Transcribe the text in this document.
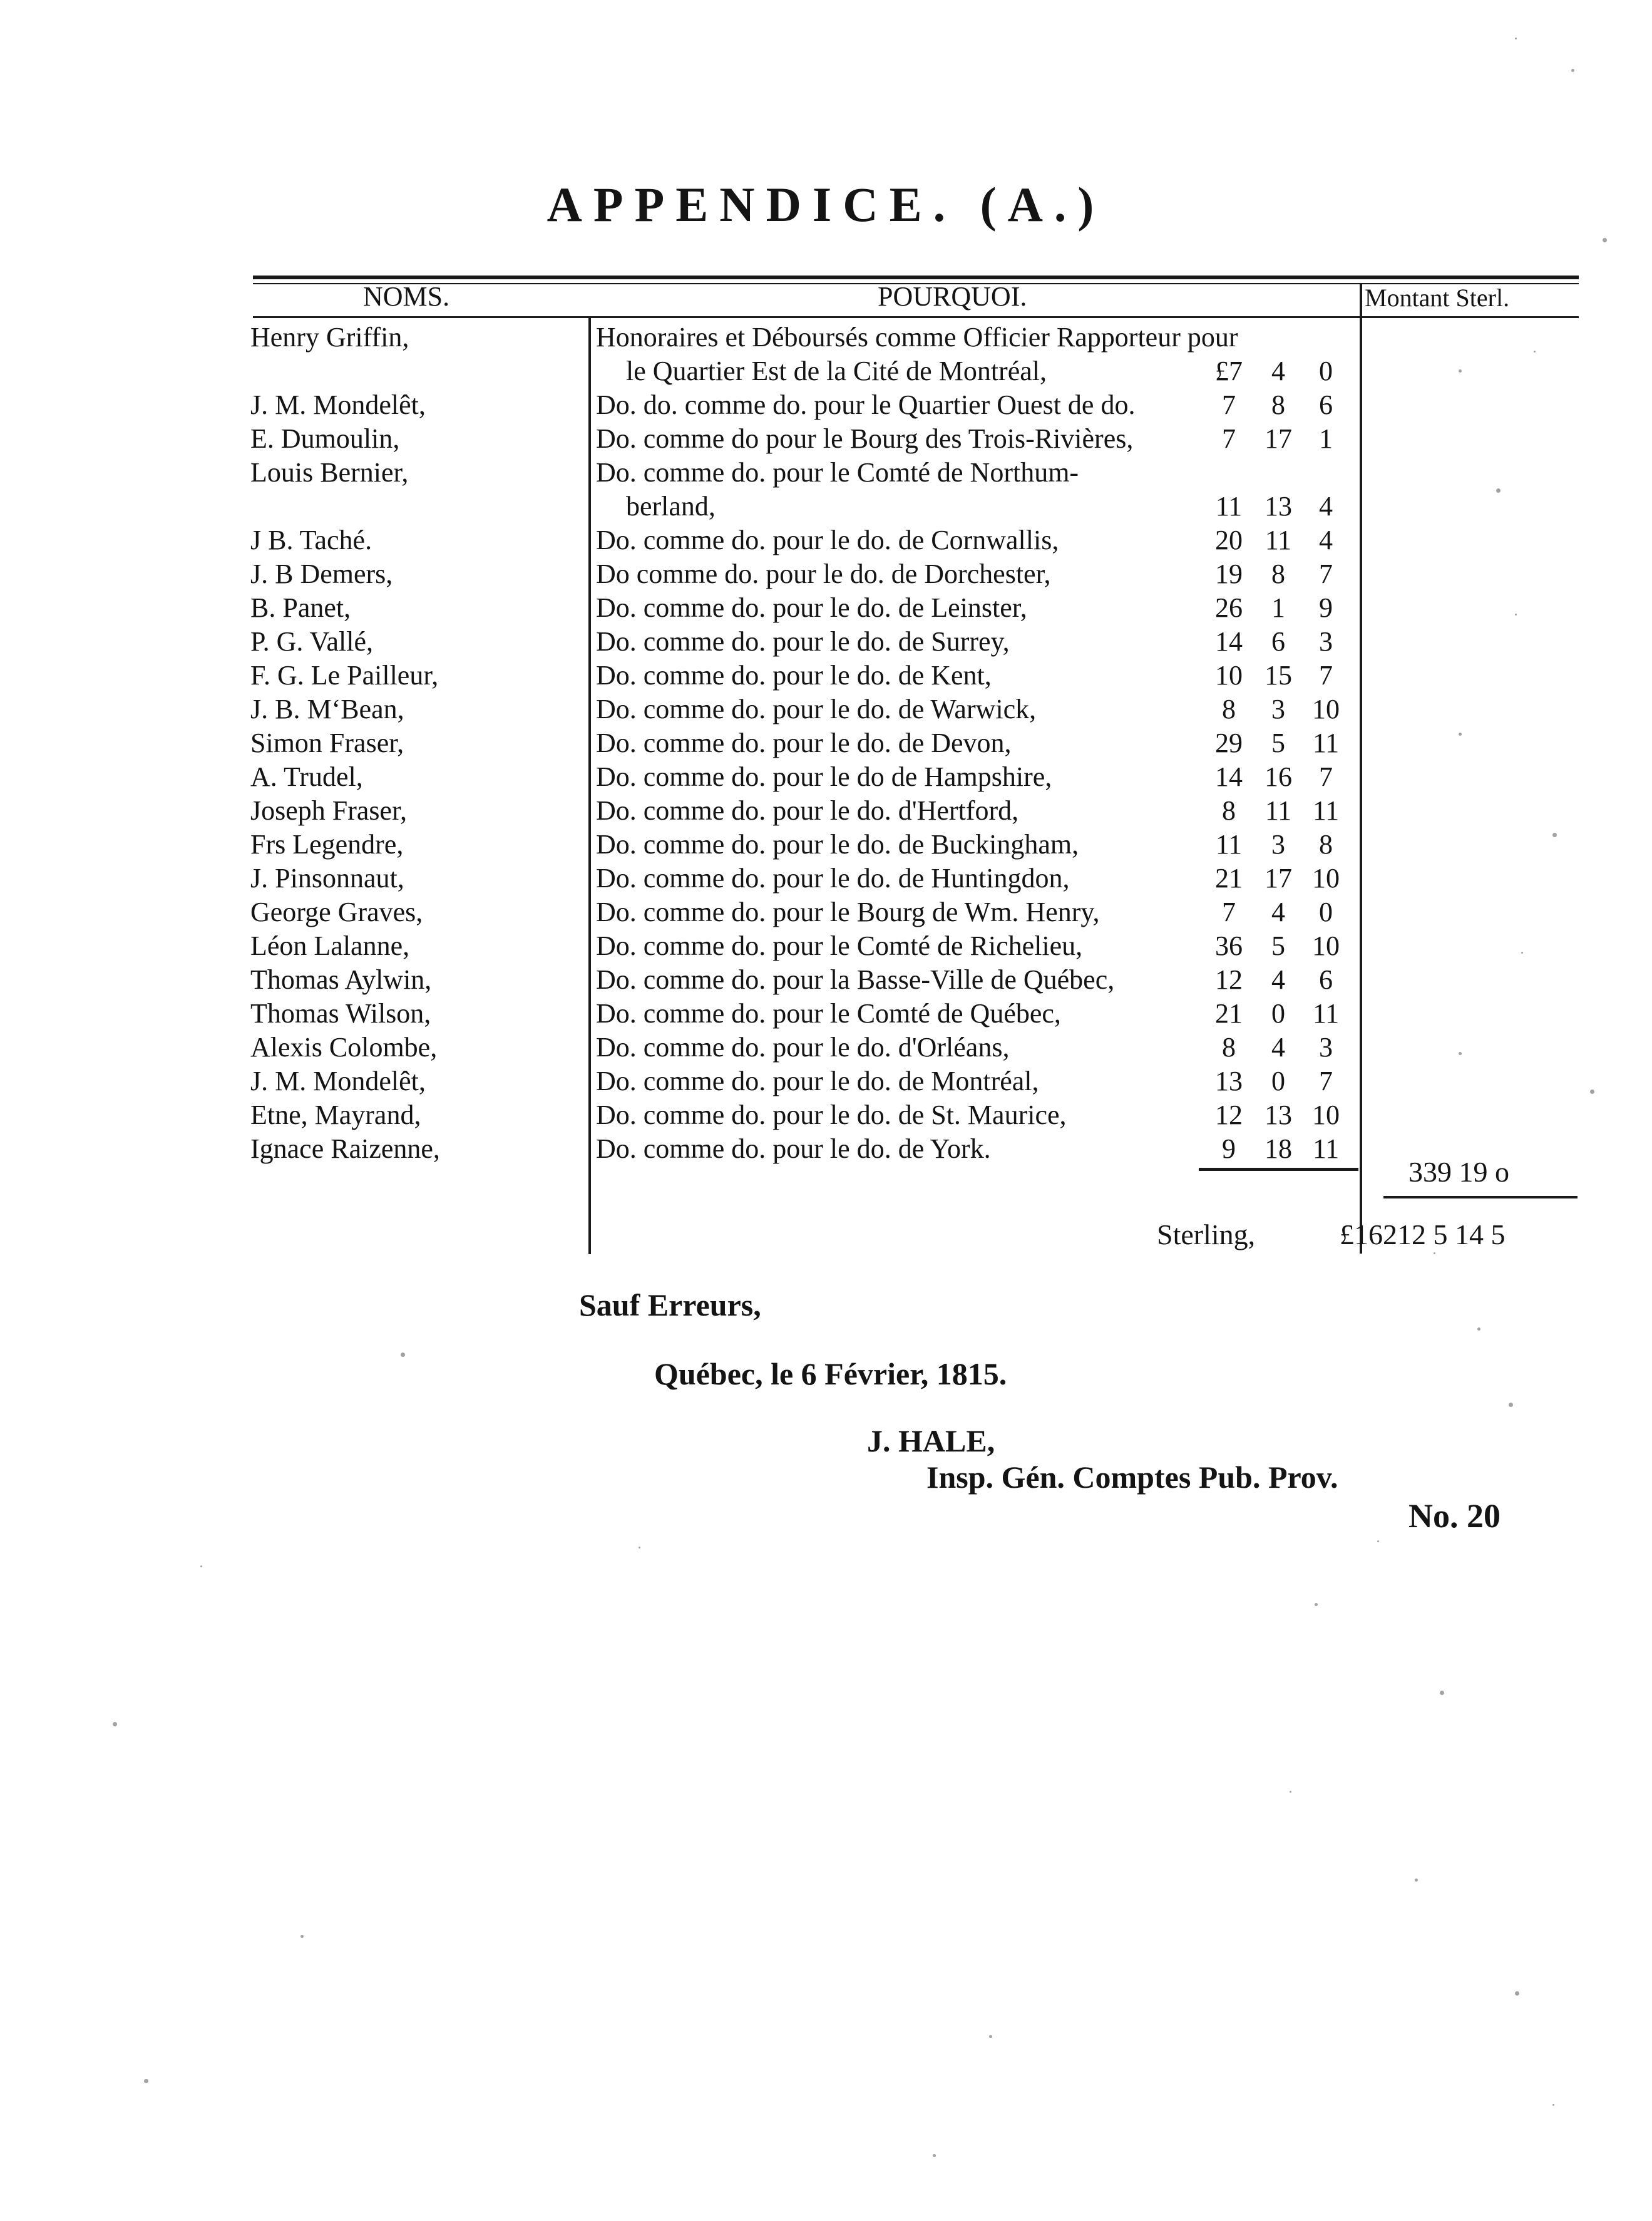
APPENDICE. (A.)
NOMS.	POURQUOI.	Montant Sterl.
Henry Griffin,	Honoraires et Déboursés comme Officier Rapporteur pour
le Quartier Est de la Cité de Montréal,	£7	4	0
J. M. Mondelêt,	Do. do. comme do. pour le Quartier Ouest de do.	7	8	6
E. Dumoulin,	Do. comme do pour le Bourg des Trois-Rivières,	7	17 1
Louis Bernier,	Do. comme do. pour le Comté de Northum-
berland,	11 13 4
J B. Taché.	Do. comme do. pour le do. de Cornwallis,	20 11 4
J. B Demers,	Do comme do. pour le do. de Dorchester,	19	8	7
B. Panet,	Do. comme do. pour le do. de Leinster,	26	1	9
P. G. Vallé,	Do. comme do. pour le do. de Surrey,	14	6	3
F. G. Le Pailleur,	Do. comme do. pour le do. de Kent,	10 15 7
J. B. M‘Bean,	Do. comme do. pour le do. de Warwick,	8	3 10
Simon Fraser,	Do. comme do. pour le do. de Devon,	29	5 11
A. Trudel,	Do. comme do. pour le do de Hampshire,	14 16 7
Joseph Fraser,	Do. comme do. pour le do. d'Hertford,	8	11 11
Frs Legendre,	Do. comme do. pour le do. de Buckingham,	11	3	8
J. Pinsonnaut,	Do. comme do. pour le do. de Huntingdon,	21 17 10
George Graves,	Do. comme do. pour le Bourg de Wm. Henry,	7	4	0
Léon Lalanne,	Do. comme do. pour le Comté de Richelieu,	36	5 10
Thomas Aylwin,	Do. comme do. pour la Basse-Ville de Québec,	12	4	6
Thomas Wilson,	Do. comme do. pour le Comté de Québec,	21	0 11
Alexis Colombe,	Do. comme do. pour le do. d'Orléans,	8	4	3
J. M. Mondelêt,	Do. comme do. pour le do. de Montréal,	13	0	7
Etne, Mayrand,	Do. comme do. pour le do. de St. Maurice,	12 13 10
Ignace Raizenne,	Do. comme do. pour le do. de York.	9	18 11
339 19 o
Sterling,	£16212 5 14 5
Sauf Erreurs,
Québec, le 6 Février, 1815.
J. HALE,
Insp. Gén. Comptes Pub. Prov.
No. 20
